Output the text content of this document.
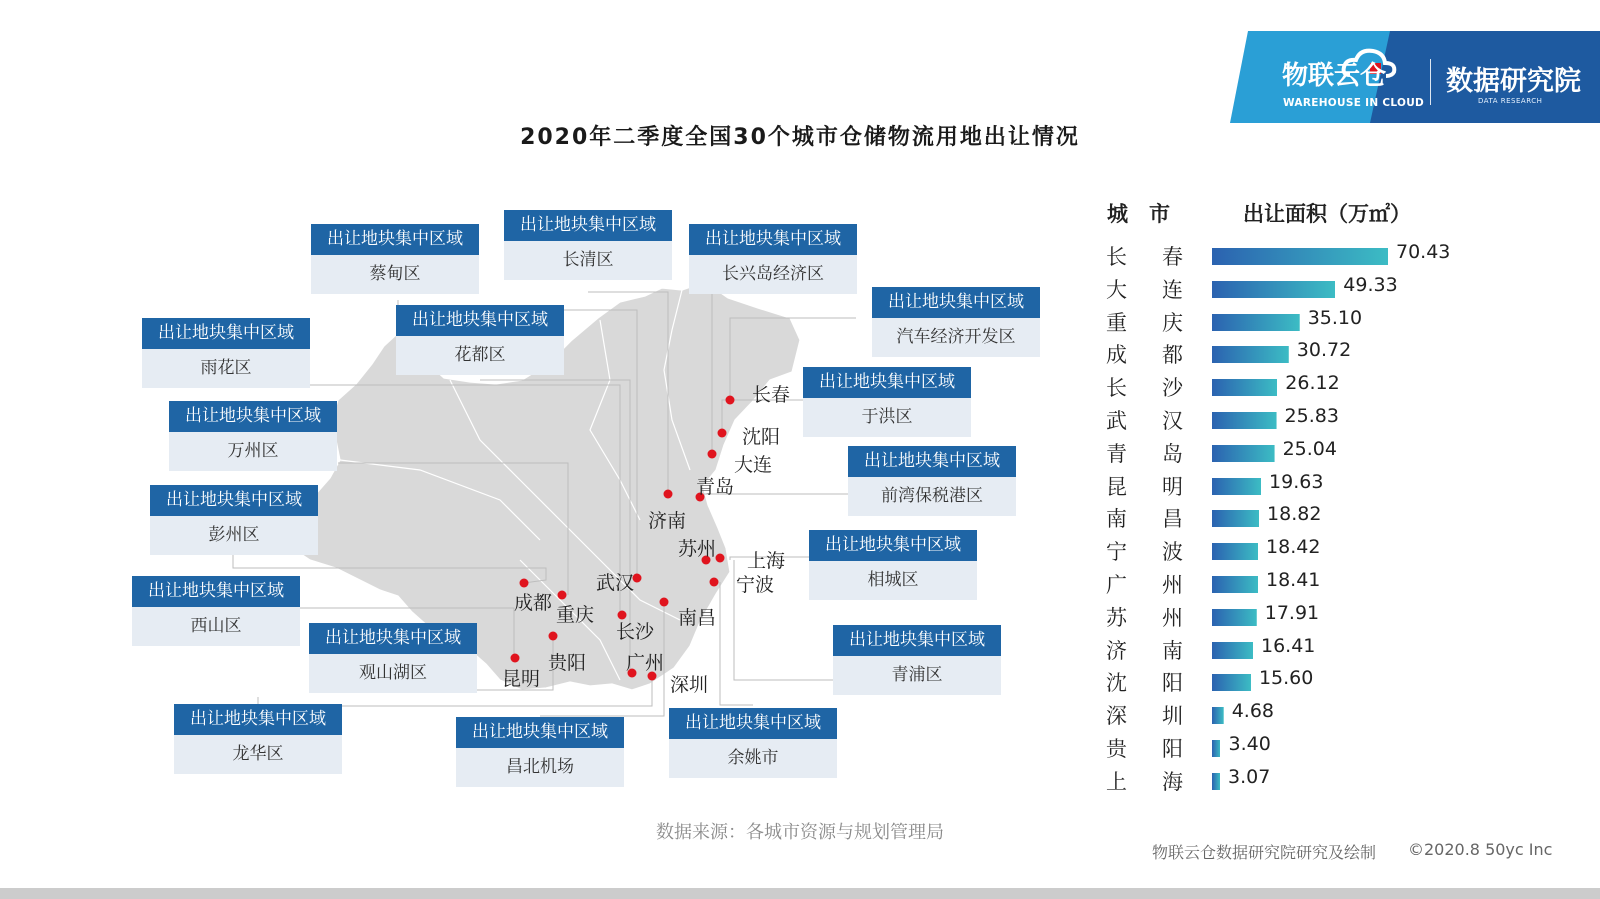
物联云仓
WAREHOUSE IN CLOUD
数据研究院
DATA RESEARCH
2020年二季度全国30个城市仓储物流用地出让情况
出让地块集中区域
汽车经济开发区
出让地块集中区域
长兴岛经济区
出让地块集中区域
万州区
出让地块集中区域
彭州区
出让地块集中区域
雨花区
出让地块集中区域
蔡甸区
出让地块集中区域
前湾保税港区
出让地块集中区域
西山区
出让地块集中区域
昌北机场
出让地块集中区域
余姚市
出让地块集中区域
花都区
出让地块集中区域
相城区
出让地块集中区域
长清区
出让地块集中区域
于洪区
出让地块集中区域
龙华区
出让地块集中区域
观山湖区
出让地块集中区域
青浦区
长春
沈阳
大连
青岛
济南
苏州
上海
宁波
武汉
成都
重庆
长沙
南昌
贵阳 广州
昆明	深圳
城　市	出让面积（万㎡）
长 春	70.43
大 连	49.33
重 庆	35.10
成 都	30.72
长 沙	26.12
武 汉	25.83
青 岛	25.04
昆 明	19.63
南 昌	18.82
宁 波	18.42
广 州	18.41
苏 州	17.91
济 南	16.41
沈 阳	15.60
深 圳	4.68
贵 阳 3.40
上 海 3.07
数据来源：各城市资源与规划管理局
物联云仓数据研究院研究及绘制 ©2020.8 50yc Inc
